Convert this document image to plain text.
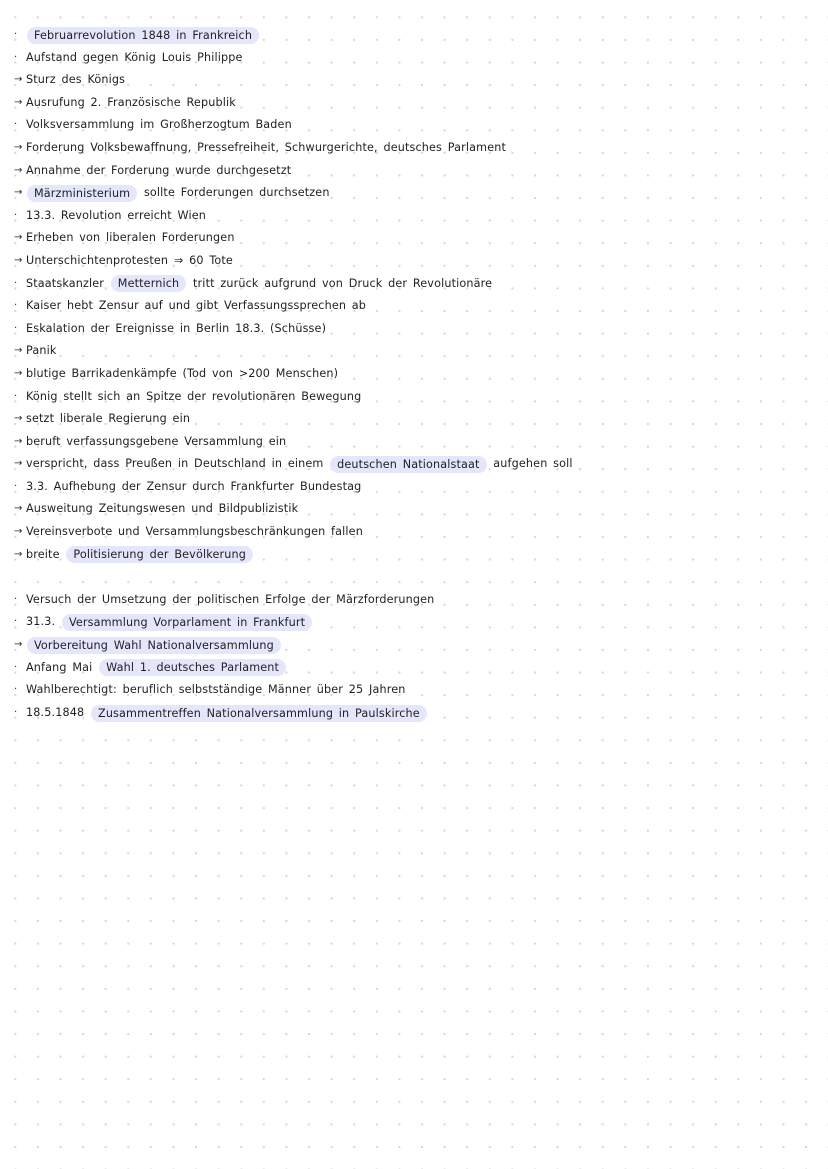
·	Februarrevolution 1848 in Frankreich
· Aufstand gegen König Louis Philippe
→ Sturz des Königs
→ Ausrufung 2. Französische Republik
· Volksversammlung im Großherzogtum Baden
→ Forderung Volksbewaffnung, Pressefreiheit, Schwurgerichte, deutsches Parlament
→ Annahme der Forderung wurde durchgesetzt
→	Märzministerium sollte Forderungen durchsetzen
· 13.3. Revolution erreicht Wien
→ Erheben von liberalen Forderungen
→ Unterschichtenprotesten ⇒ 60 Tote
· Staatskanzler Metternich tritt zurück aufgrund von Druck der Revolutionäre
· Kaiser hebt Zensur auf und gibt Verfassungssprechen ab
· Eskalation der Ereignisse in Berlin 18.3. (Schüsse)
→ Panik
→ blutige Barrikadenkämpfe (Tod von >200 Menschen)
· König stellt sich an Spitze der revolutionären Bewegung
→ setzt liberale Regierung ein
→ beruft verfassungsgebene Versammlung ein
→ verspricht, dass Preußen in Deutschland in einem deutschen Nationalstaat aufgehen soll
· 3.3. Aufhebung der Zensur durch Frankfurter Bundestag
→ Ausweitung Zeitungswesen und Bildpublizistik
→ Vereinsverbote und Versammlungsbeschränkungen fallen
→ breite Politisierung der Bevölkerung
· Versuch der Umsetzung der politischen Erfolge der Märzforderungen
· 31.3. Versammlung Vorparlament in Frankfurt
→	Vorbereitung Wahl Nationalversammlung
· Anfang Mai Wahl 1. deutsches Parlament
· Wahlberechtigt: beruflich selbstständige Männer über 25 Jahren
· 18.5.1848 Zusammentreffen Nationalversammlung in Paulskirche
